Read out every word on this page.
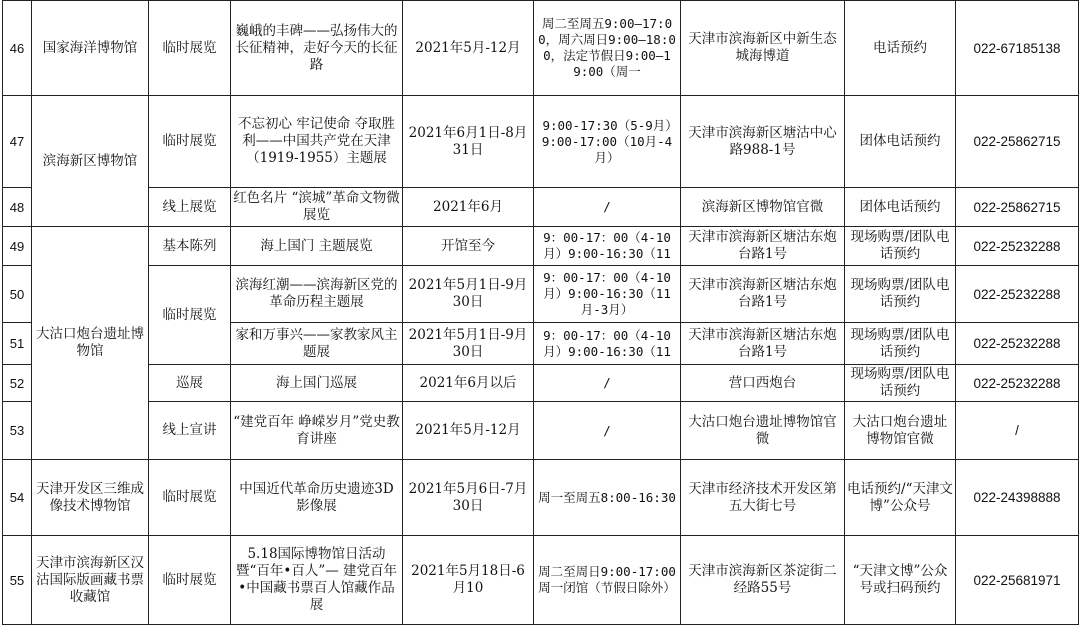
46	国家海洋博物馆	临时展览	巍峨的丰碑——弘扬伟大的长征精神，走好今天的长征路	2021年5月-12月	周二至周五9:00—17:00，周六周日9:00—18:00，法定节假日9:00—19:00（周一	天津市滨海新区中新生态城海博道	电话预约	022-67185138
47	滨海新区博物馆	临时展览	不忘初心 牢记使命 夺取胜利——中国共产党在天津（1919-1955）主题展	2021年6月1日-8月31日	9:00-17:30（5-9月）　9:00-17:00（10月-4月）	天津市滨海新区塘沽中心路988-1号	团体电话预约	022-25862715
48		线上展览	红色名片 “滨城”革命文物微展览	2021年6月	/	滨海新区博物馆官微	团体电话预约	022-25862715
49	大沽口炮台遗址博物馆	基本陈列	海上国门 主题展览	开馆至今	9：00-17：00（4-10月）9:00-16:30（11	天津市滨海新区塘沽东炮台路1号	现场购票/团队电话预约	022-25232288
50		临时展览	滨海红潮——滨海新区党的革命历程主题展	2021年5月1日-9月30日	9：00-17：00（4-10月）9:00-16:30（11月-3月）	天津市滨海新区塘沽东炮台路1号	现场购票/团队电话预约	022-25232288
51			家和万事兴——家教家风主题展	2021年5月1日-9月30日	9：00-17：00（4-10月）9:00-16:30（11	天津市滨海新区塘沽东炮台路1号	现场购票/团队电话预约	022-25232288
52		巡展	海上国门巡展	2021年6月以后	/	营口西炮台	现场购票/团队电话预约	022-25232288
53		线上宣讲	“建党百年 峥嵘岁月”党史教育讲座	2021年5月-12月	/	大沽口炮台遗址博物馆官微	大沽口炮台遗址博物馆官微	/
54	天津开发区三维成像技术博物馆	临时展览	中国近代革命历史遗迹3D影像展	2021年5月6日-7月30日	周一至周五8:00-16:30	天津市经济技术开发区第五大街七号	电话预约/“天津文博”公众号	022-24398888
55	天津市滨海新区汉沽国际版画藏书票收藏馆	临时展览	5.18国际博物馆日活动暨“百年•百人”— 建党百年•中国藏书票百人馆藏作品展	2021年5月18日-6月10	周二至周日9:00-17:00周一闭馆（节假日除外）	天津市滨海新区茶淀街二经路55号	“天津文博”公众号或扫码预约	022-25681971
